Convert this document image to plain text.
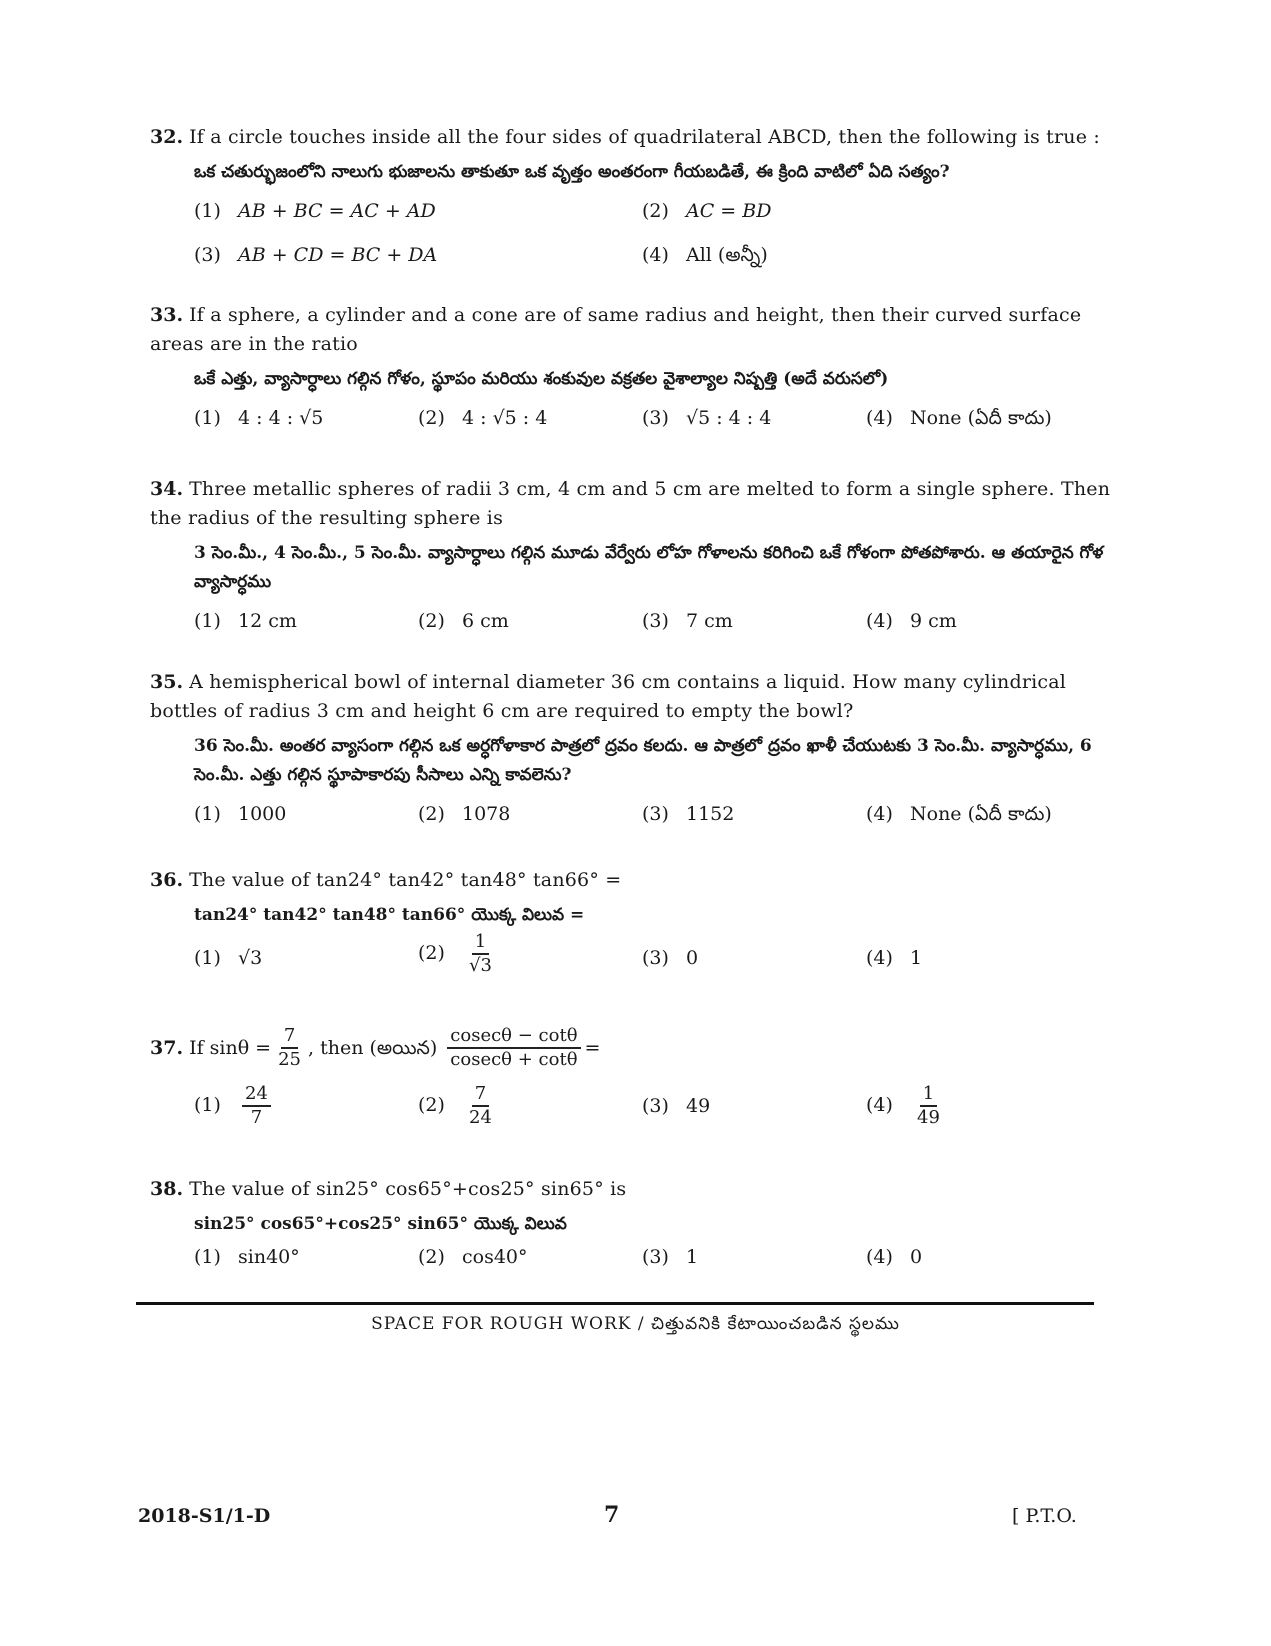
32. If a circle touches inside all the four sides of quadrilateral ABCD, then the following is true :
ఒక చతుర్భుజంలోని నాలుగు భుజాలను తాకుతూ ఒక వృత్తం అంతరంగా గీయబడితే, ఈ క్రింది వాటిలో ఏది సత్యం?
(1) AB + BC = AC + AD	(2) AC = BD
(3) AB + CD = BC + DA	(4) All (అన్నీ)
33. If a sphere, a cylinder and a cone are of same radius and height, then their curved surface areas are in the ratio
ఒకే ఎత్తు, వ్యాసార్ధాలు గల్గిన గోళం, స్థూపం మరియు శంకువుల వక్రతల వైశాల్యాల నిష్పత్తి (అదే వరుసలో)
(1) 4 : 4 : √5	(2) 4 : √5 : 4	(3) √5 : 4 : 4	(4) None (ఏదీ కాదు)
34. Three metallic spheres of radii 3 cm, 4 cm and 5 cm are melted to form a single sphere. Then the radius of the resulting sphere is
3 సెం.మీ., 4 సెం.మీ., 5 సెం.మీ. వ్యాసార్ధాలు గల్గిన మూడు వేర్వేరు లోహ గోళాలను కరిగించి ఒకే గోళంగా పోతపోశారు. ఆ తయారైన గోళ వ్యాసార్ధము
(1) 12 cm	(2) 6 cm	(3) 7 cm	(4) 9 cm
35. A hemispherical bowl of internal diameter 36 cm contains a liquid. How many cylindrical bottles of radius 3 cm and height 6 cm are required to empty the bowl?
36 సెం.మీ. అంతర వ్యాసంగా గల్గిన ఒక అర్ధగోళాకార పాత్రలో ద్రవం కలదు. ఆ పాత్రలో ద్రవం ఖాళీ చేయుటకు 3 సెం.మీ. వ్యాసార్ధము, 6 సెం.మీ. ఎత్తు గల్గిన స్థూపాకారపు సీసాలు ఎన్ని కావలెను?
(1) 1000	(2) 1078	(3) 1152	(4) None (ఏదీ కాదు)
36. The value of tan24° tan42° tan48° tan66° =
tan24° tan42° tan48° tan66° యొక్క విలువ =
(1) √3	$(2) \frac{1}{√3}$	(3) 0	(4) 1
37. If $\sin\theta = \frac{7}{25}$ , then (అయిన) $\frac{cosec\theta - \cot\theta}{cosec\theta + \cot\theta}$ =
$(1) \frac{24}{7}$	$(2) \frac{7}{24}$	(3) 49	$(4) \frac{1}{49}$
38. The value of sin25° cos65°+cos25° sin65° is
sin25° cos65°+cos25° sin65° యొక్క విలువ
(1) sin40°	(2) cos40°	(3) 1	(4) 0
SPACE FOR ROUGH WORK / చిత్తువనికి కేటాయించబడిన స్థలము
2018-S1/1-D	7	[ P.T.O.
